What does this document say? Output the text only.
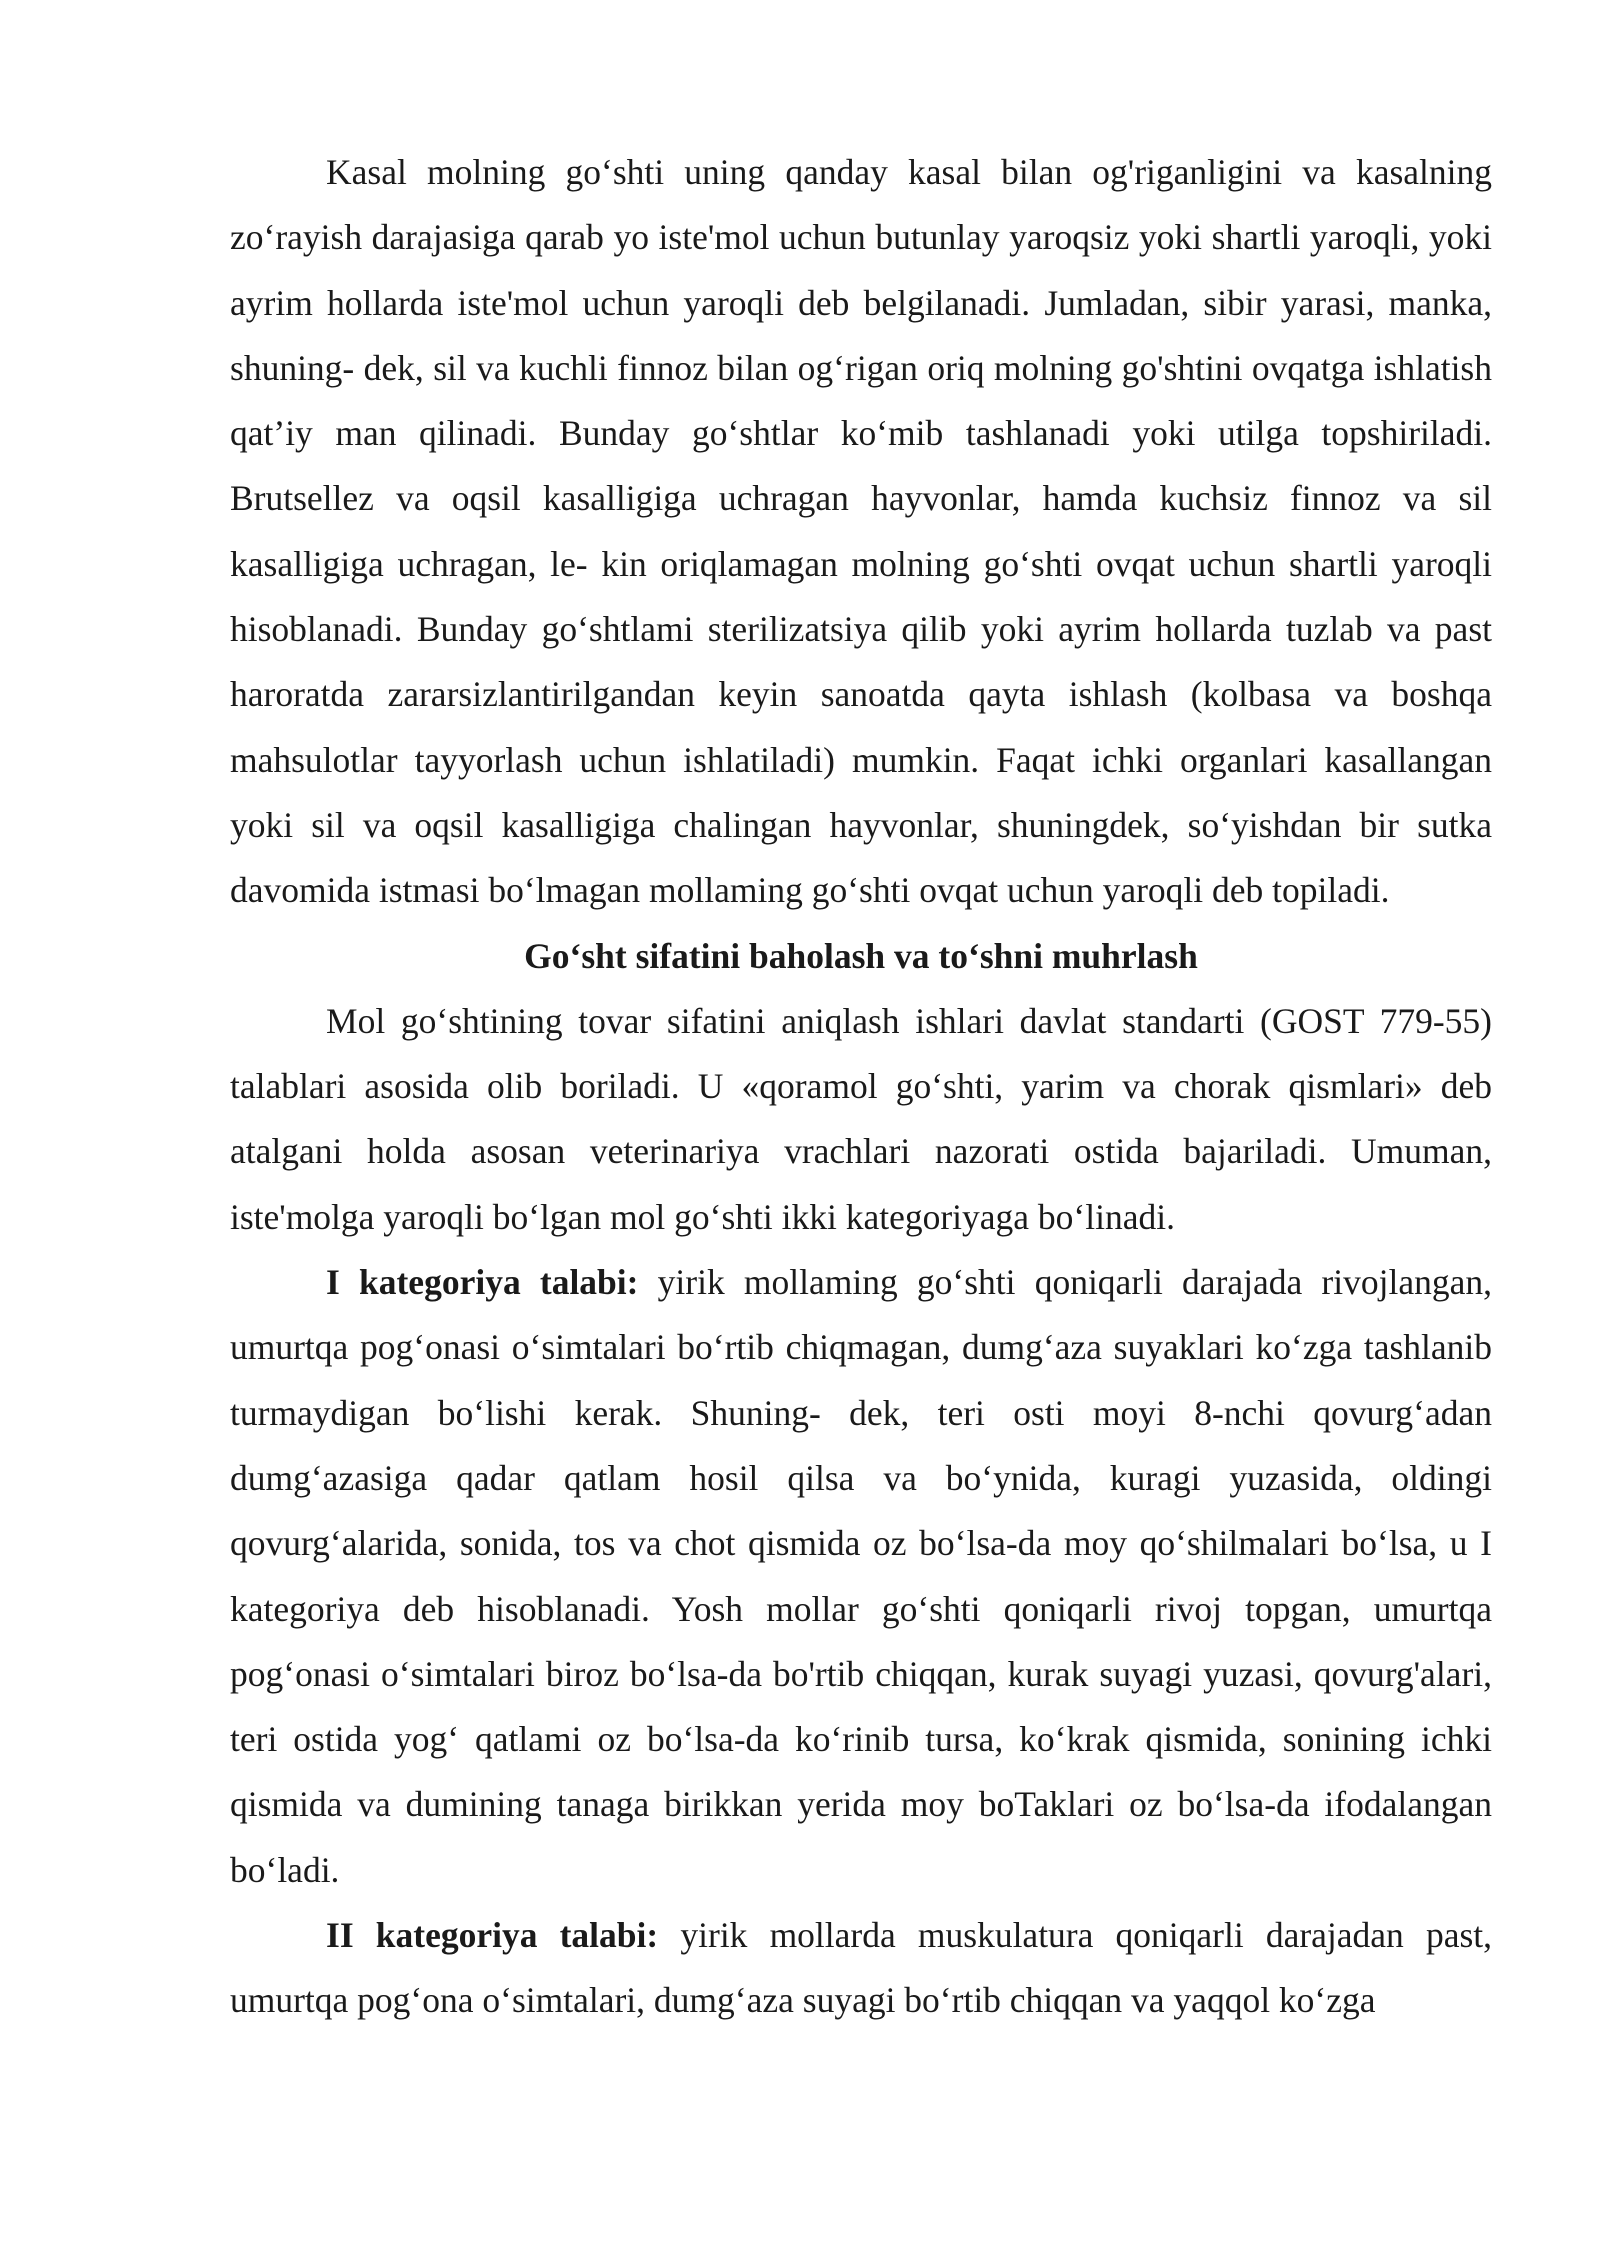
Kasal molning go‘shti uning qanday kasal bilan og'riganligini va kasalning zo‘rayish darajasiga qarab yo iste'mol uchun butunlay yaroqsiz yoki shartli yaroqli, yoki ayrim hollarda iste'mol uchun yaroqli deb belgilanadi. Jumladan, sibir yarasi, manka, shuning- dek, sil va kuchli finnoz bilan og‘rigan oriq molning go'shtini ovqatga ishlatish qat’iy man qilinadi. Bunday go‘shtlar ko‘mib tashlanadi yoki utilga topshiriladi. Brutsellez va oqsil kasalligiga uchragan hayvonlar, hamda kuchsiz finnoz va sil kasalligiga uchragan, le- kin oriqlamagan molning go‘shti ovqat uchun shartli yaroqli hisoblanadi. Bunday go‘shtlami sterilizatsiya qilib yoki ayrim hollarda tuzlab va past haroratda zararsizlantirilgandan keyin sanoatda qayta ishlash (kolbasa va boshqa mahsulotlar tayyorlash uchun ishlatiladi) mumkin. Faqat ichki organlari kasallangan yoki sil va oqsil kasalligiga chalingan hayvonlar, shuningdek, so‘yishdan bir sutka davomida istmasi bo‘lmagan mollaming go‘shti ovqat uchun yaroqli deb topiladi.

Go‘sht sifatini baholash va to‘shni muhrlash

Mol go‘shtining tovar sifatini aniqlash ishlari davlat standarti (GOST 779-55) talablari asosida olib boriladi. U «qoramol go‘shti, yarim va chorak qismlari» deb atalgani holda asosan veterinariya vrachlari nazorati ostida bajariladi. Umuman, iste'molga yaroqli bo‘lgan mol go‘shti ikki kategoriyaga bo‘linadi.

I kategoriya talabi: yirik mollaming go‘shti qoniqarli darajada rivojlangan, umurtqa pog‘onasi o‘simtalari bo‘rtib chiqmagan, dumg‘aza suyaklari ko‘zga tashlanib turmaydigan bo‘lishi kerak. Shuning- dek, teri osti moyi 8-nchi qovurg‘adan dumg‘azasiga qadar qatlam hosil qilsa va bo‘ynida, kuragi yuzasida, oldingi qovurg‘alarida, sonida, tos va chot qismida oz bo‘lsa-da moy qo‘shilmalari bo‘lsa, u I kategoriya deb hisoblanadi. Yosh mollar go‘shti qoniqarli rivoj topgan, umurtqa pog‘onasi o‘simtalari biroz bo‘lsa-da bo'rtib chiqqan, kurak suyagi yuzasi, qovurg'alari, teri ostida yog‘ qatlami oz bo‘lsa-da ko‘rinib tursa, ko‘krak qismida, sonining ichki qismida va dumining tanaga birikkan yerida moy boTaklari oz bo‘lsa-da ifodalangan bo‘ladi.

II kategoriya talabi: yirik mollarda muskulatura qoniqarli darajadan past, umurtqa pog‘ona o‘simtalari, dumg‘aza suyagi bo‘rtib chiqqan va yaqqol ko‘zga
